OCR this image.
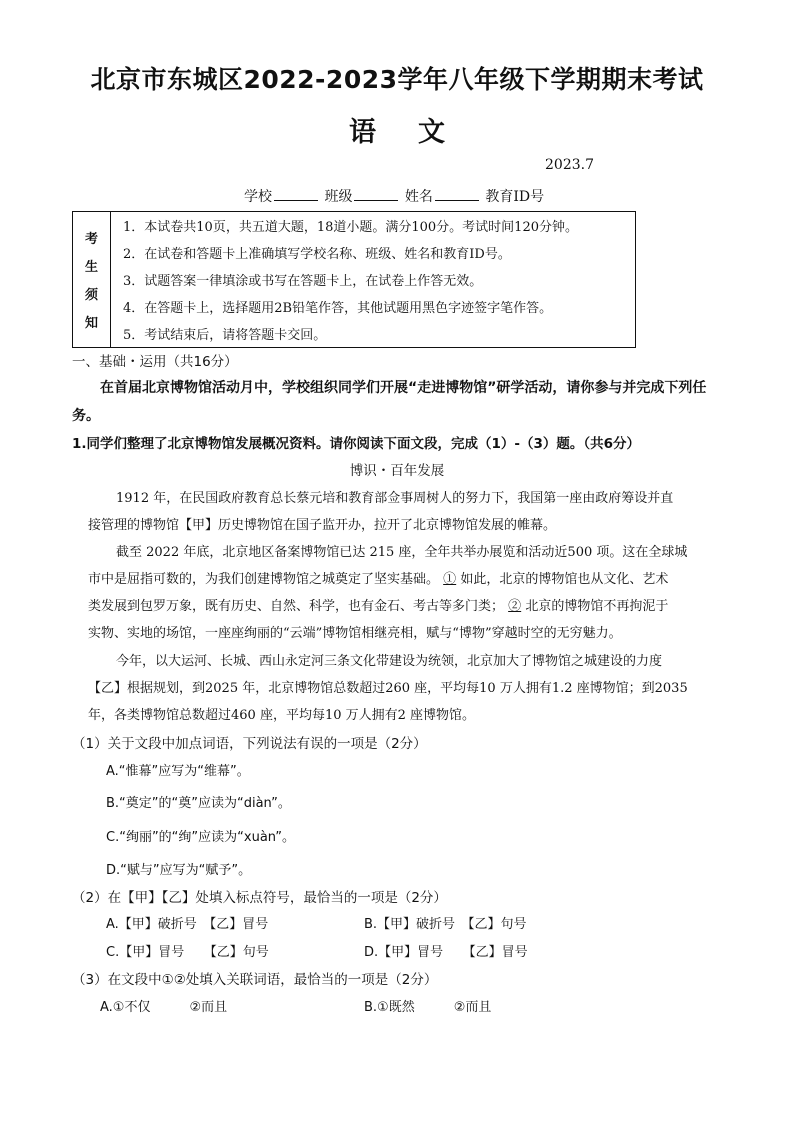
北京市东城区2022-2023学年八年级下学期期末考试
语文
2023.7
学校	班级	姓名	教育ID号
考
生
须
知
1．本试卷共10页，共五道大题，18道小题。满分100分。考试时间120分钟。
2．在试卷和答题卡上准确填写学校名称、班级、姓名和教育ID号。
3．试题答案一律填涂或书写在答题卡上，在试卷上作答无效。
4．在答题卡上，选择题用2B铅笔作答，其他试题用黑色字迹签字笔作答。
5．考试结束后，请将答题卡交回。
一、基础・运用（共16分）
在首届北京博物馆活动月中，学校组织同学们开展“走进博物馆”研学活动，请你参与并完成下列任
务。
1.同学们整理了北京博物馆发展概况资料。请你阅读下面文段，完成（1）-（3）题。（共6分）
博识・百年发展
1912 年，在民国政府教育总长蔡元培和教育部佥事周树人的努力下，我国第一座由政府筹设并直
接管理的博物馆【甲】历史博物馆在国子监开办，拉开了北京博物馆发展的帷幕。
截至 2022 年底，北京地区备案博物馆已达 215 座，全年共举办展览和活动近500 项。这在全球城
市中是屈指可数的，为我们创建博物馆之城奠定了坚实基础。 ① 如此，北京的博物馆也从文化、艺术
类发展到包罗万象，既有历史、自然、科学，也有金石、考古等多门类； ② 北京的博物馆不再拘泥于
实物、实地的场馆，一座座绚丽的“云端”博物馆相继亮相，赋与“博物”穿越时空的无穷魅力。
今年，以大运河、长城、西山永定河三条文化带建设为统领，北京加大了博物馆之城建设的力度
【乙】根据规划，到2025 年，北京博物馆总数超过260 座，平均每10 万人拥有1.2 座博物馆；到2035
年，各类博物馆总数超过460 座，平均每10 万人拥有2 座博物馆。
（1）关于文段中加点词语，下列说法有误的一项是（2分）
A.“惟幕”应写为“维幕”。
B.“奠定”的“奠”应读为“diàn”。
C.“绚丽”的“绚”应读为“xuàn”。
D.“赋与”应写为“赋予”。
（2）在【甲】【乙】处填入标点符号，最恰当的一项是（2分）
A.【甲】破折号　【乙】冒号	B.【甲】破折号　【乙】句号
C.【甲】冒号　　【乙】句号	D.【甲】冒号　　【乙】冒号
（3）在文段中①②处填入关联词语，最恰当的一项是（2分）
A.①不仅　　　②而且	B.①既然　　　②而且
